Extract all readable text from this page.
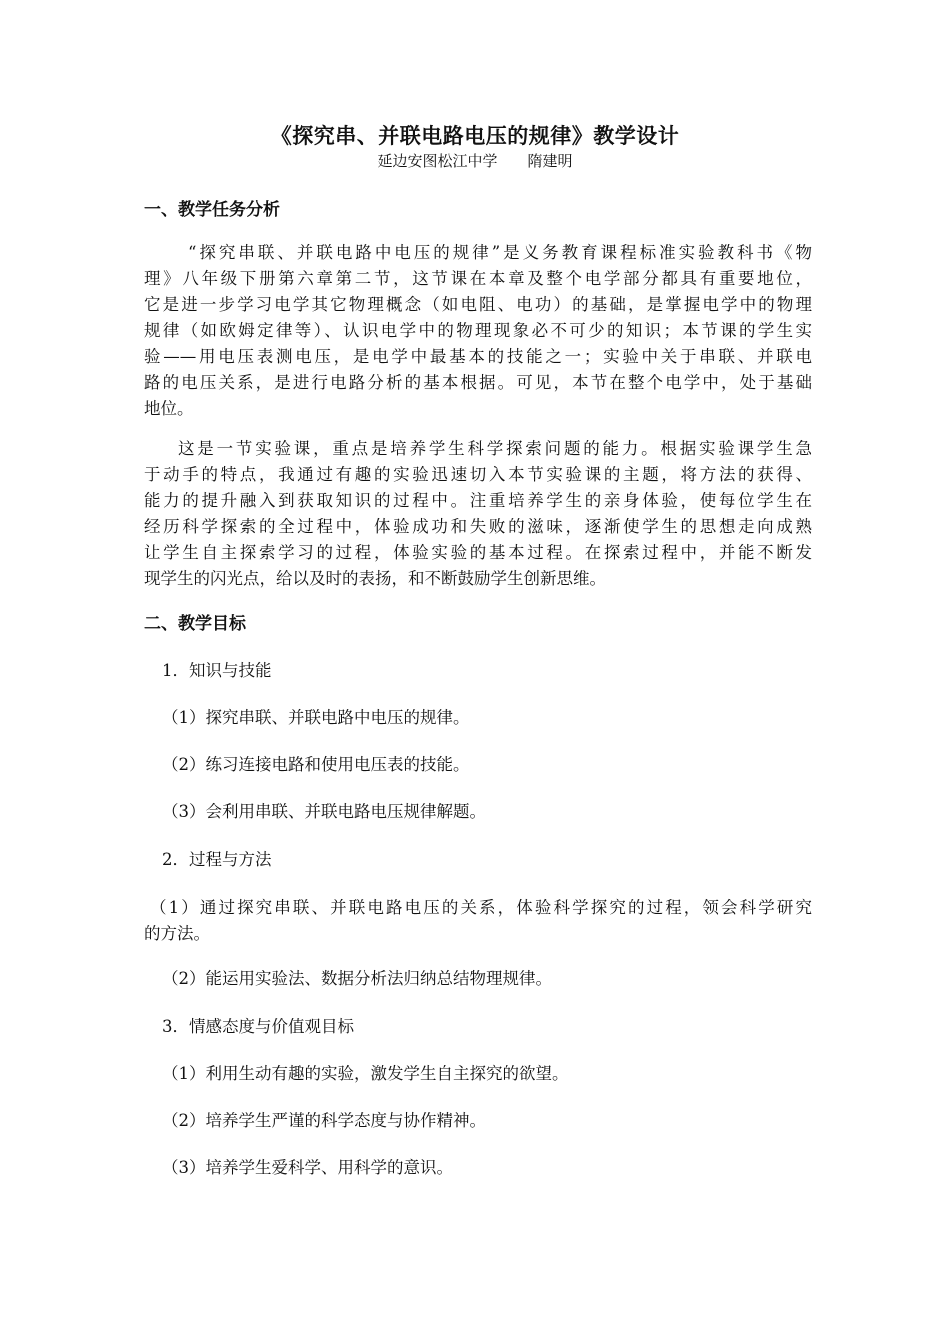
《探究串、并联电路电压的规律》教学设计
延边安图松江中学 隋建明
一、教学任务分析
“探究串联、并联电路中电压的规律”是义务教育课程标准实验教科书《物
理》八年级下册第六章第二节，这节课在本章及整个电学部分都具有重要地位，
它是进一步学习电学其它物理概念（如电阻、电功）的基础，是掌握电学中的物理
规律（如欧姆定律等）、认识电学中的物理现象必不可少的知识；本节课的学生实
验——用电压表测电压，是电学中最基本的技能之一；实验中关于串联、并联电
路的电压关系，是进行电路分析的基本根据。可见，本节在整个电学中，处于基础
地位。
这是一节实验课，重点是培养学生科学探索问题的能力。根据实验课学生急
于动手的特点，我通过有趣的实验迅速切入本节实验课的主题，将方法的获得、
能力的提升融入到获取知识的过程中。注重培养学生的亲身体验，使每位学生在
经历科学探索的全过程中，体验成功和失败的滋味，逐渐使学生的思想走向成熟
让学生自主探索学习的过程，体验实验的基本过程。在探索过程中，并能不断发
现学生的闪光点，给以及时的表扬，和不断鼓励学生创新思维。
二、教学目标
1．知识与技能
（1）探究串联、并联电路中电压的规律。
（2）练习连接电路和使用电压表的技能。
（3）会利用串联、并联电路电压规律解题。
2．过程与方法
（1）通过探究串联、并联电路电压的关系，体验科学探究的过程，领会科学研究
的方法。
（2）能运用实验法、数据分析法归纳总结物理规律。
3．情感态度与价值观目标
（1）利用生动有趣的实验，激发学生自主探究的欲望。
（2）培养学生严谨的科学态度与协作精神。
（3）培养学生爱科学、用科学的意识。
